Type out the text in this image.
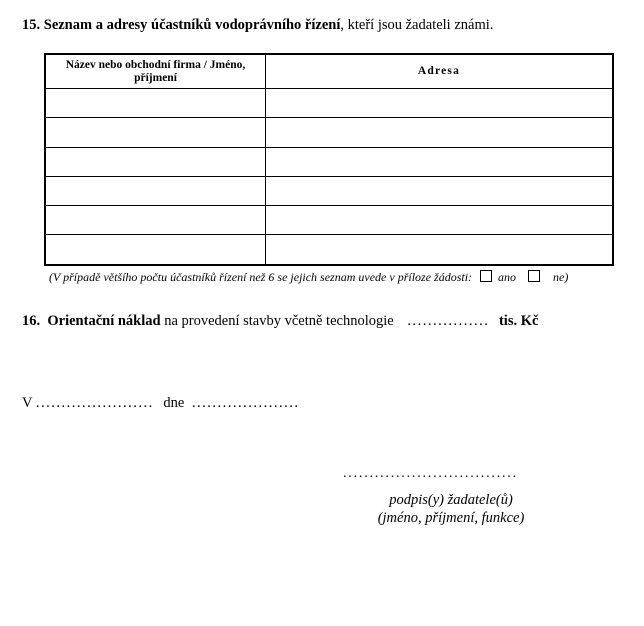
15. Seznam a adresy účastníků vodoprávního řízení, kteří jsou žadateli známi.
Název nebo obchodní firma / Jméno, příjmení	Adresa

(V případě většího počtu účastníků řízení než 6 se jejich seznam uvede v příloze žádosti: ano	ne)
16. Orientační náklad na provedení stavby včetně technologie ................ tis. Kč
V ....................... dne .....................
.................................
podpis(y) žadatele(ů)
(jméno, příjmení, funkce)
